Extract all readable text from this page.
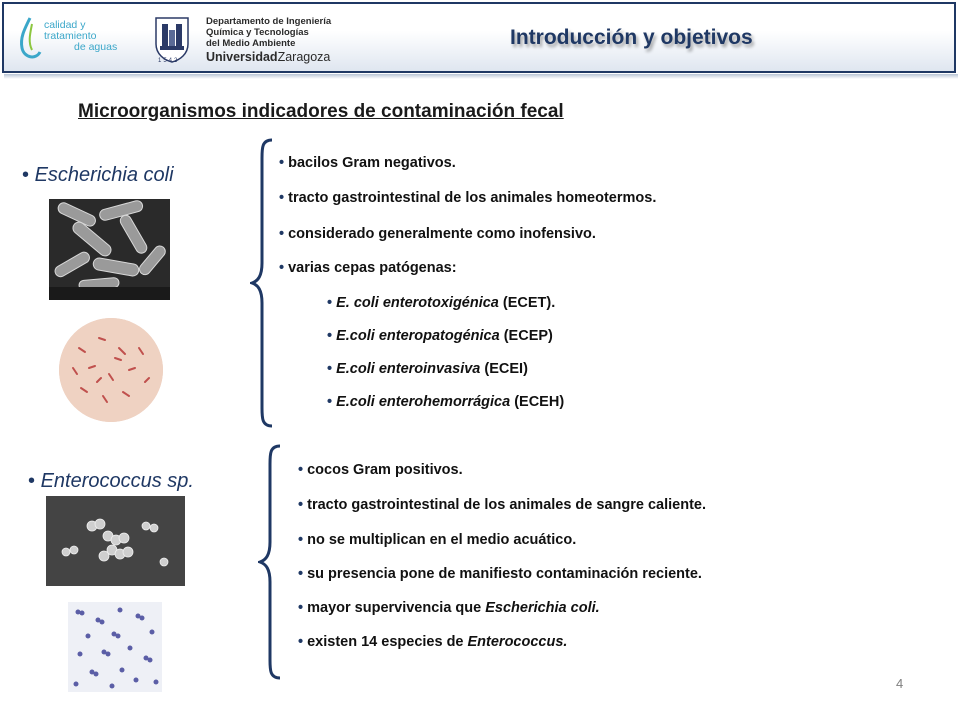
calidad y tratamiento
de aguas
1542
Departamento de Ingeniería
Química y Tecnologías
del Medio Ambiente
UniversidadZaragoza
Introducción y objetivos
Microorganismos indicadores de contaminación fecal
• Escherichia coli
• bacilos Gram negativos.
• tracto gastrointestinal de los animales homeotermos.
• considerado generalmente como inofensivo.
• varias cepas patógenas:
• E. coli enterotoxigénica (ECET).
• E.coli enteropatogénica (ECEP)
• E.coli enteroinvasiva (ECEI)
• E.coli enterohemorrágica (ECEH)
• Enterococcus sp.
•	cocos Gram positivos.
• tracto gastrointestinal de los animales de sangre caliente.
• no se multiplican en el medio acuático.
• su presencia pone de manifiesto contaminación reciente.
• mayor supervivencia que Escherichia coli.
• existen 14 especies de Enterococcus.
4
